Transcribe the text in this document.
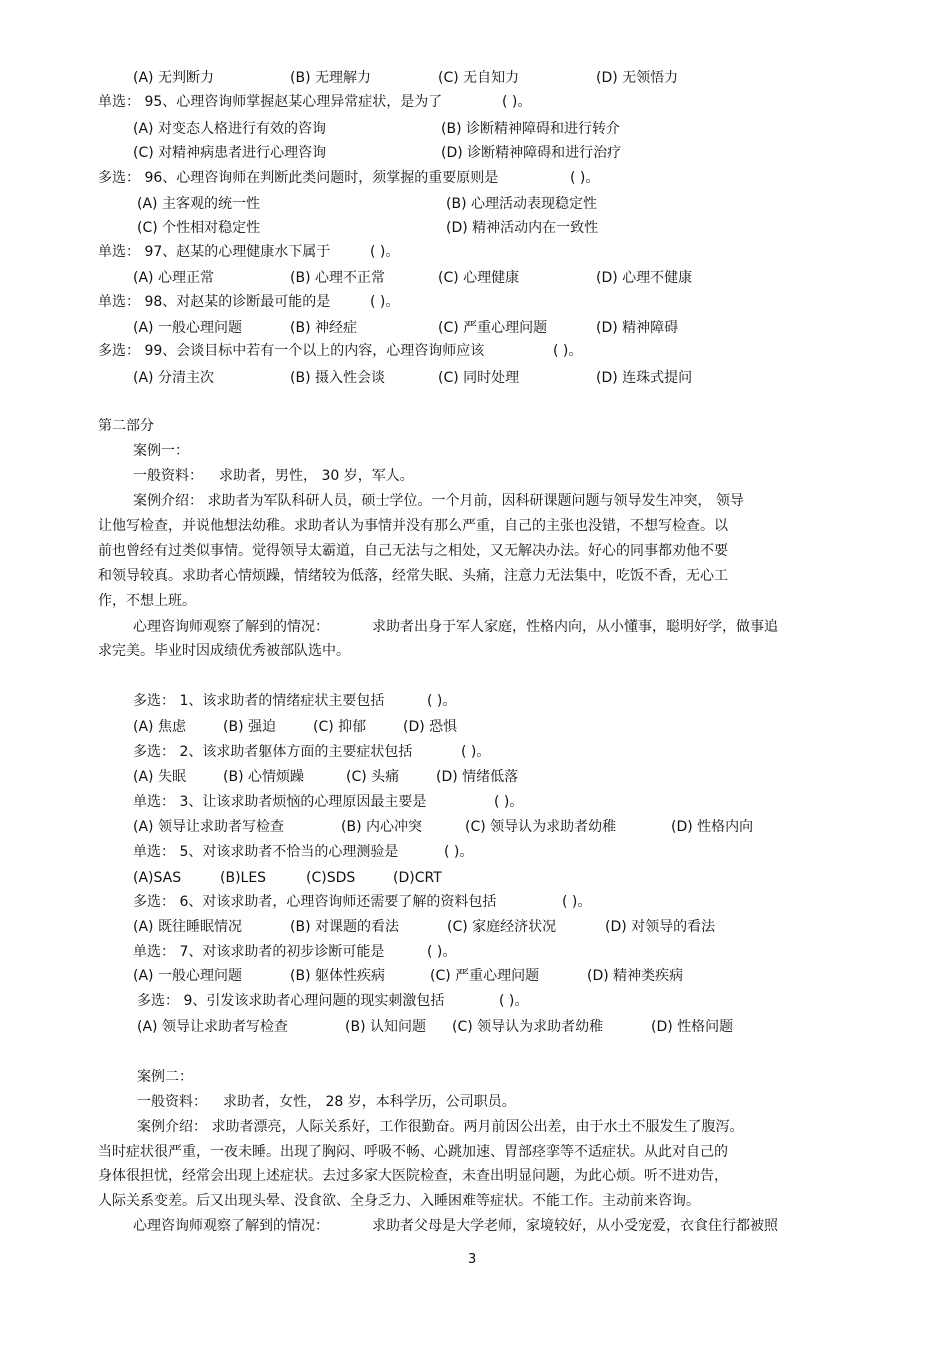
(A) 无判断力	(B) 无理解力	(C) 无自知力	(D) 无领悟力
单选： 95、心理咨询师掌握赵某心理异常症状，是为了	( )。
(A) 对变态人格进行有效的咨询	(B) 诊断精神障碍和进行转介
(C) 对精神病患者进行心理咨询	(D) 诊断精神障碍和进行治疗
多选： 96、心理咨询师在判断此类问题时，须掌握的重要原则是	( )。
(A) 主客观的统一性	(B) 心理活动表现稳定性
(C) 个性相对稳定性	(D) 精神活动内在一致性
单选： 97、赵某的心理健康水下属于	( )。
(A) 心理正常	(B) 心理不正常	(C) 心理健康	(D) 心理不健康
单选： 98、对赵某的诊断最可能的是	( )。
(A) 一般心理问题	(B) 神经症	(C) 严重心理问题	(D) 精神障碍
多选： 99、会谈目标中若有一个以上的内容，心理咨询师应该	( )。
(A) 分清主次	(B) 摄入性会谈	(C) 同时处理	(D) 连珠式提问
第二部分
案例一：
一般资料： 求助者，男性， 30 岁，军人。
案例介绍： 求助者为军队科研人员，硕士学位。一个月前，因科研课题问题与领导发生冲突， 领导
让他写检查，并说他想法幼稚。求助者认为事情并没有那么严重，自己的主张也没错，不想写检查。以
前也曾经有过类似事情。觉得领导太霸道，自己无法与之相处，又无解决办法。好心的同事都劝他不要
和领导较真。求助者心情烦躁，情绪较为低落，经常失眠、头痛，注意力无法集中，吃饭不香，无心工
作，不想上班。
心理咨询师观察了解到的情况：	求助者出身于军人家庭，性格内向，从小懂事，聪明好学，做事追
求完美。毕业时因成绩优秀被部队选中。
多选： 1、该求助者的情绪症状主要包括	( )。
(A) 焦虑	(B) 强迫	(C) 抑郁	(D) 恐惧
多选： 2、该求助者躯体方面的主要症状包括	( )。
(A) 失眠	(B) 心情烦躁	(C) 头痛	(D) 情绪低落
单选： 3、让该求助者烦恼的心理原因最主要是	( )。
(A) 领导让求助者写检查	(B) 内心冲突	(C) 领导认为求助者幼稚	(D) 性格内向
单选： 5、对该求助者不恰当的心理测验是	( )。
(A)SAS	(B)LES	(C)SDS	(D)CRT
多选： 6、对该求助者，心理咨询师还需要了解的资料包括	( )。
(A) 既往睡眠情况	(B) 对课题的看法	(C) 家庭经济状况	(D) 对领导的看法
单选： 7、对该求助者的初步诊断可能是	( )。
(A) 一般心理问题	(B) 躯体性疾病	(C) 严重心理问题	(D) 精神类疾病
多选： 9、引发该求助者心理问题的现实刺激包括	( )。
(A) 领导让求助者写检查	(B) 认知问题 (C) 领导认为求助者幼稚	(D) 性格问题
案例二：
一般资料： 求助者，女性， 28 岁，本科学历，公司职员。
案例介绍： 求助者漂亮，人际关系好，工作很勤奋。两月前因公出差，由于水土不服发生了腹泻。
当时症状很严重，一夜未睡。出现了胸闷、呼吸不畅、心跳加速、胃部痉挛等不适症状。从此对自己的
身体很担忧，经常会出现上述症状。去过多家大医院检查，未查出明显问题，为此心烦。听不进劝告，
人际关系变差。后又出现头晕、没食欲、全身乏力、入睡困难等症状。不能工作。主动前来咨询。
心理咨询师观察了解到的情况：	求助者父母是大学老师，家境较好，从小受宠爱，衣食住行都被照
3
